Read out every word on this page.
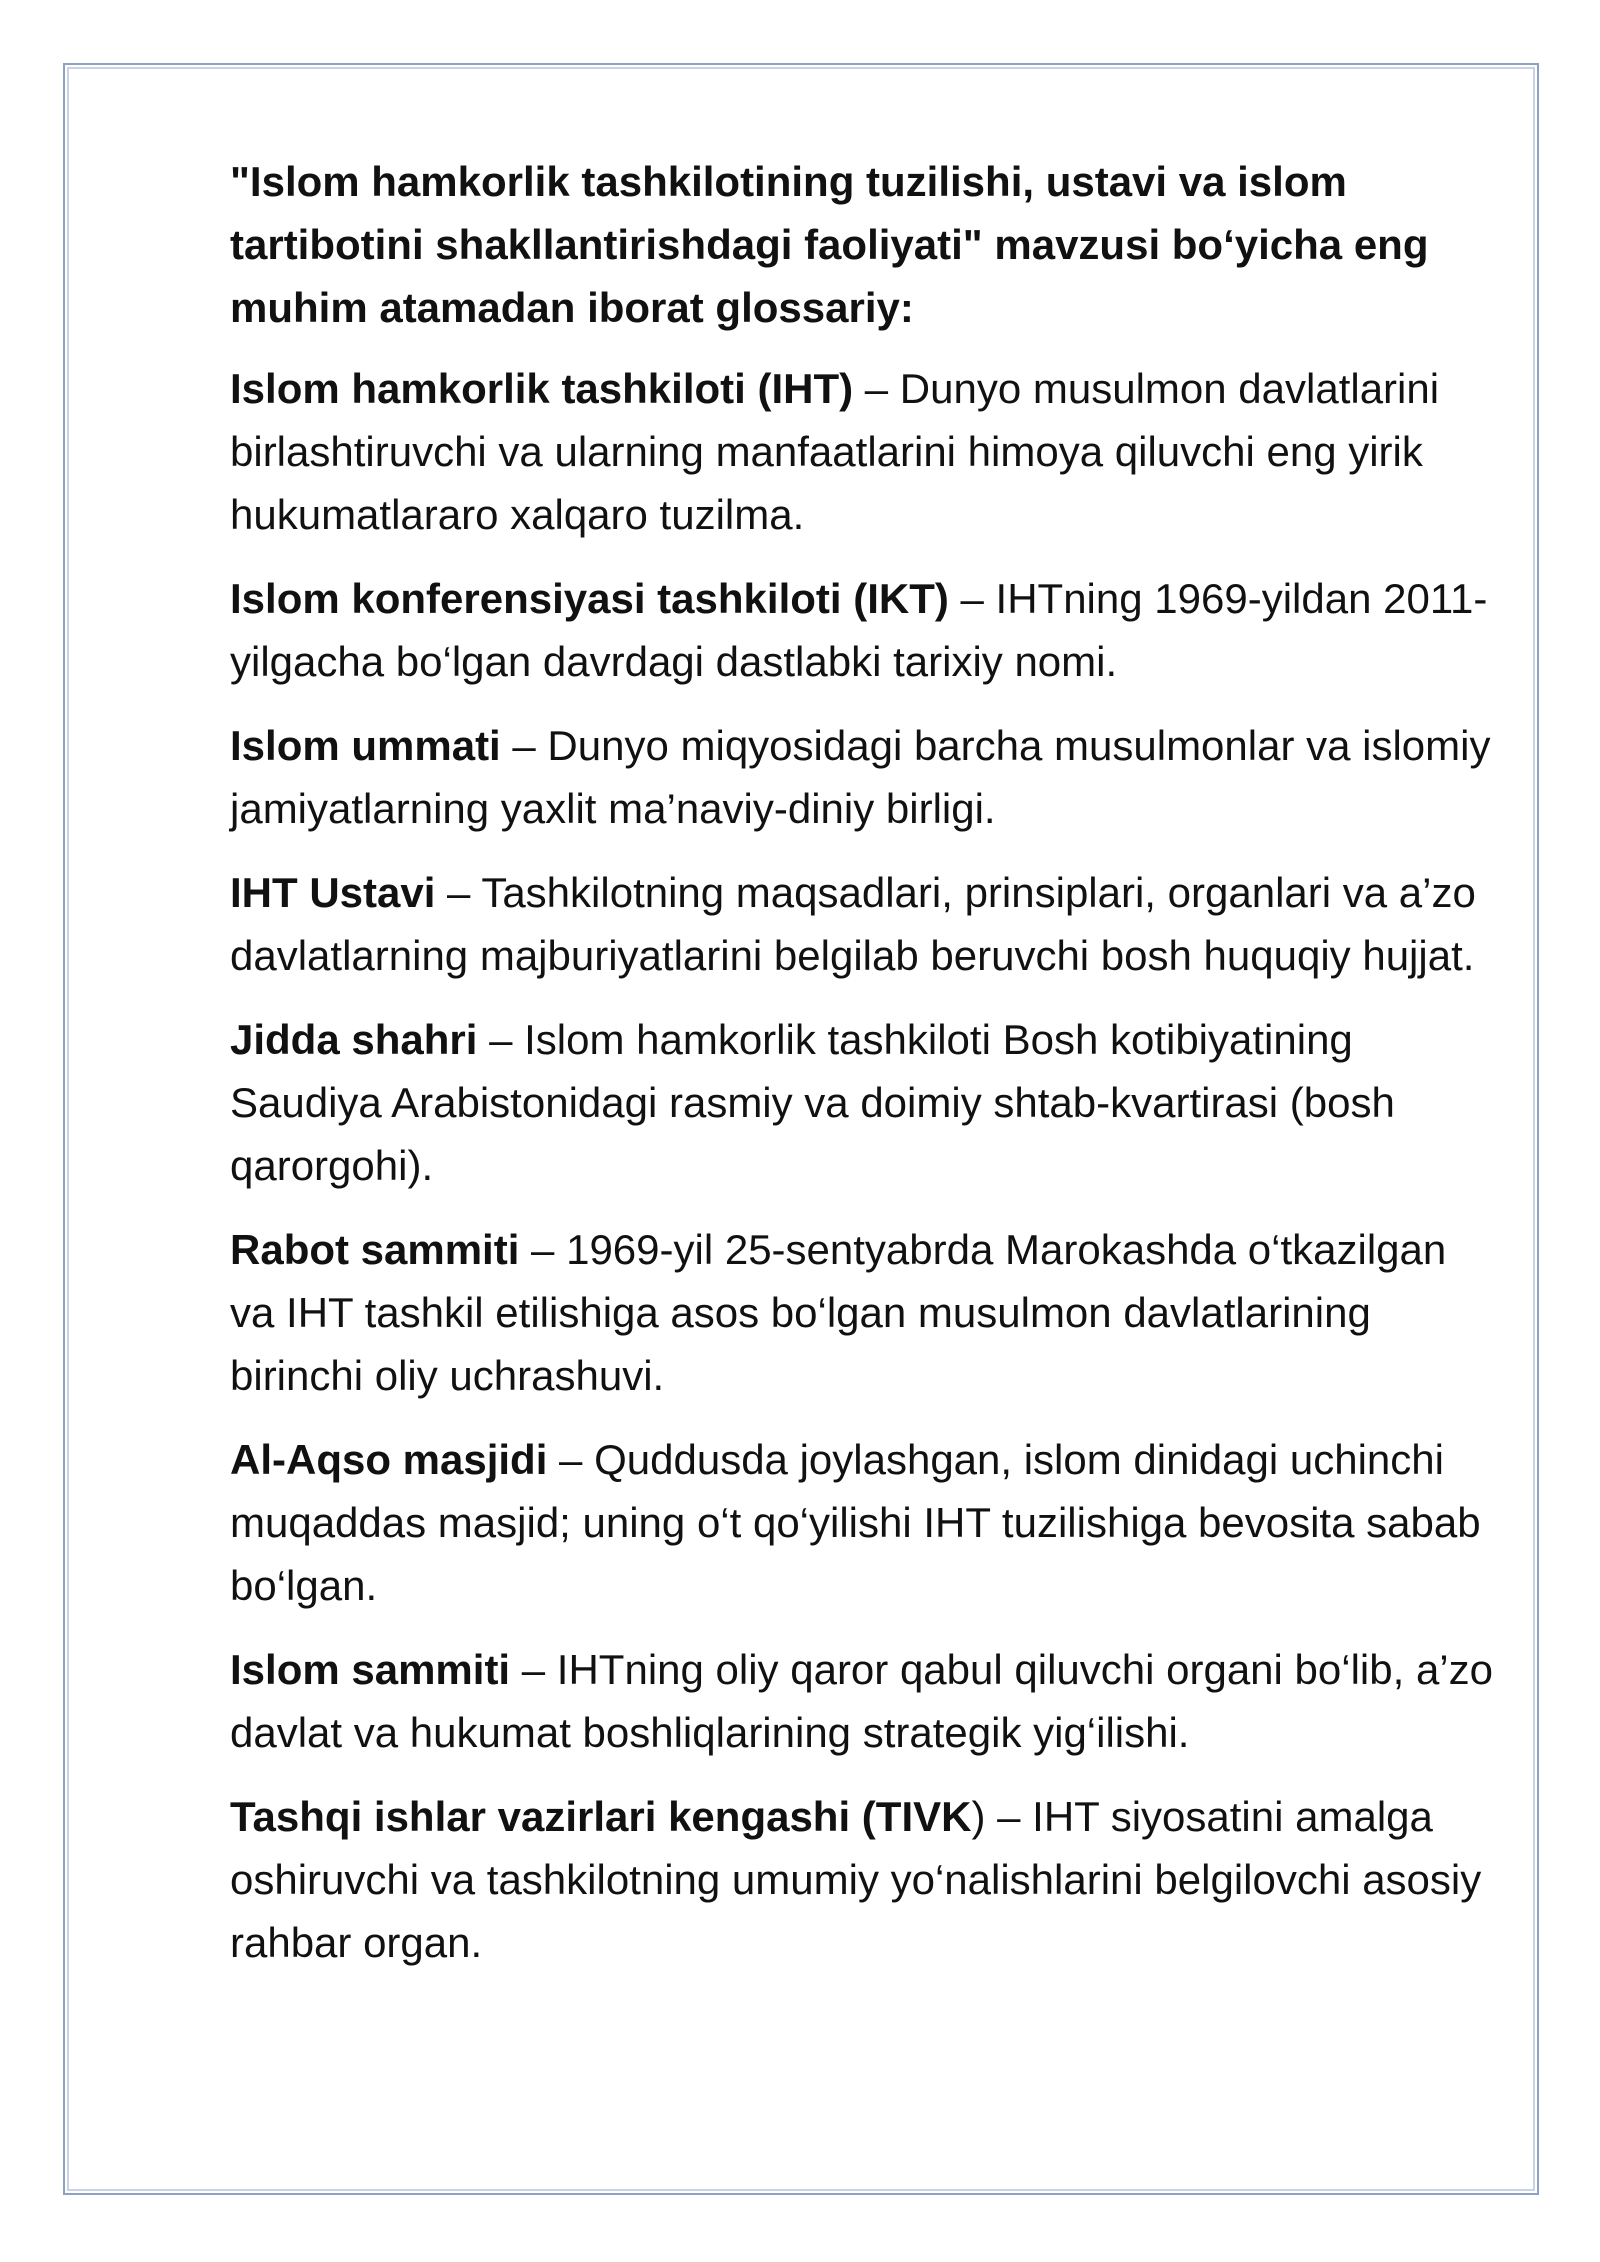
"Islom hamkorlik tashkilotining tuzilishi, ustavi va islom tartibotini shakllantirishdagi faoliyati" mavzusi bo‘yicha eng muhim atamadan iborat glossariy:

Islom hamkorlik tashkiloti (IHT) – Dunyo musulmon davlatlarini birlashtiruvchi va ularning manfaatlarini himoya qiluvchi eng yirik hukumatlararo xalqaro tuzilma.

Islom konferensiyasi tashkiloti (IKT) – IHTning 1969-yildan 2011-yilgacha bo‘lgan davrdagi dastlabki tarixiy nomi.

Islom ummati – Dunyo miqyosidagi barcha musulmonlar va islomiy jamiyatlarning yaxlit ma’naviy-diniy birligi.

IHT Ustavi – Tashkilotning maqsadlari, prinsiplari, organlari va a’zo davlatlarning majburiyatlarini belgilab beruvchi bosh huquqiy hujjat.

Jidda shahri – Islom hamkorlik tashkiloti Bosh kotibiyatining Saudiya Arabistonidagi rasmiy va doimiy shtab-kvartirasi (bosh qarorgohi).

Rabot sammiti – 1969-yil 25-sentyabrda Marokashda o‘tkazilgan va IHT tashkil etilishiga asos bo‘lgan musulmon davlatlarining birinchi oliy uchrashuvi.

Al-Aqso masjidi – Quddusda joylashgan, islom dinidagi uchinchi muqaddas masjid; uning o‘t qo‘yilishi IHT tuzilishiga bevosita sabab bo‘lgan.

Islom sammiti – IHTning oliy qaror qabul qiluvchi organi bo‘lib, a’zo davlat va hukumat boshliqlarining strategik yig‘ilishi.

Tashqi ishlar vazirlari kengashi (TIVK) – IHT siyosatini amalga oshiruvchi va tashkilotning umumiy yo‘nalishlarini belgilovchi asosiy rahbar organ.
